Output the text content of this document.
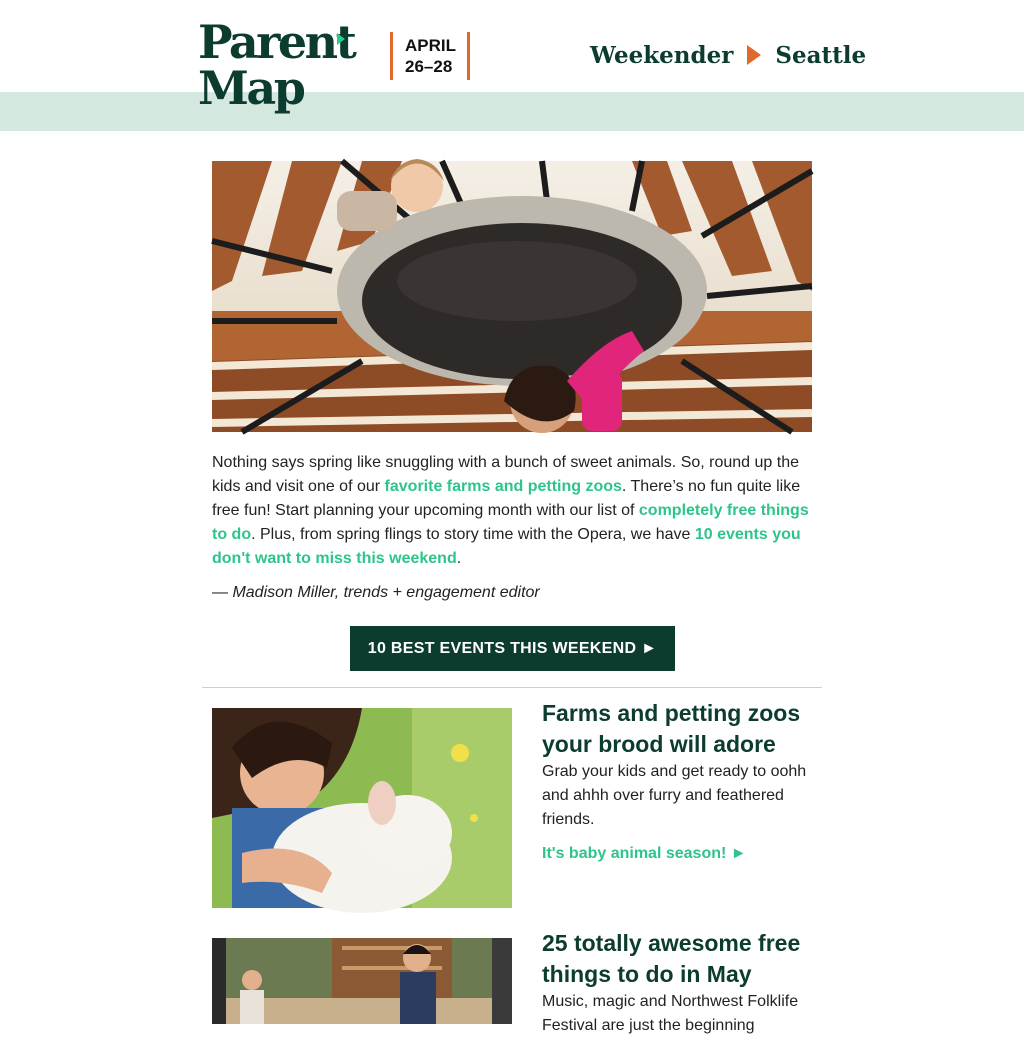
Parent
Map
APRIL
26–28	Weekender Seattle

Nothing says spring like snuggling with a bunch of sweet animals. So, round up the kids and visit one of our favorite farms and petting zoos. There’s no fun quite like free fun! Start planning your upcoming month with our list of completely free things to do. Plus, from spring flings to story time with the Opera, we have 10 events you don't want to miss this weekend.

— Madison Miller, trends + engagement editor

10 BEST EVENTS THIS WEEKEND ►
Farms and petting zoos your brood will adore

Grab your kids and get ready to oohh and ahhh over furry and feathered friends.

It's baby animal season! ►
25 totally awesome free things to do in May

Music, magic and Northwest Folklife Festival are just the beginning
